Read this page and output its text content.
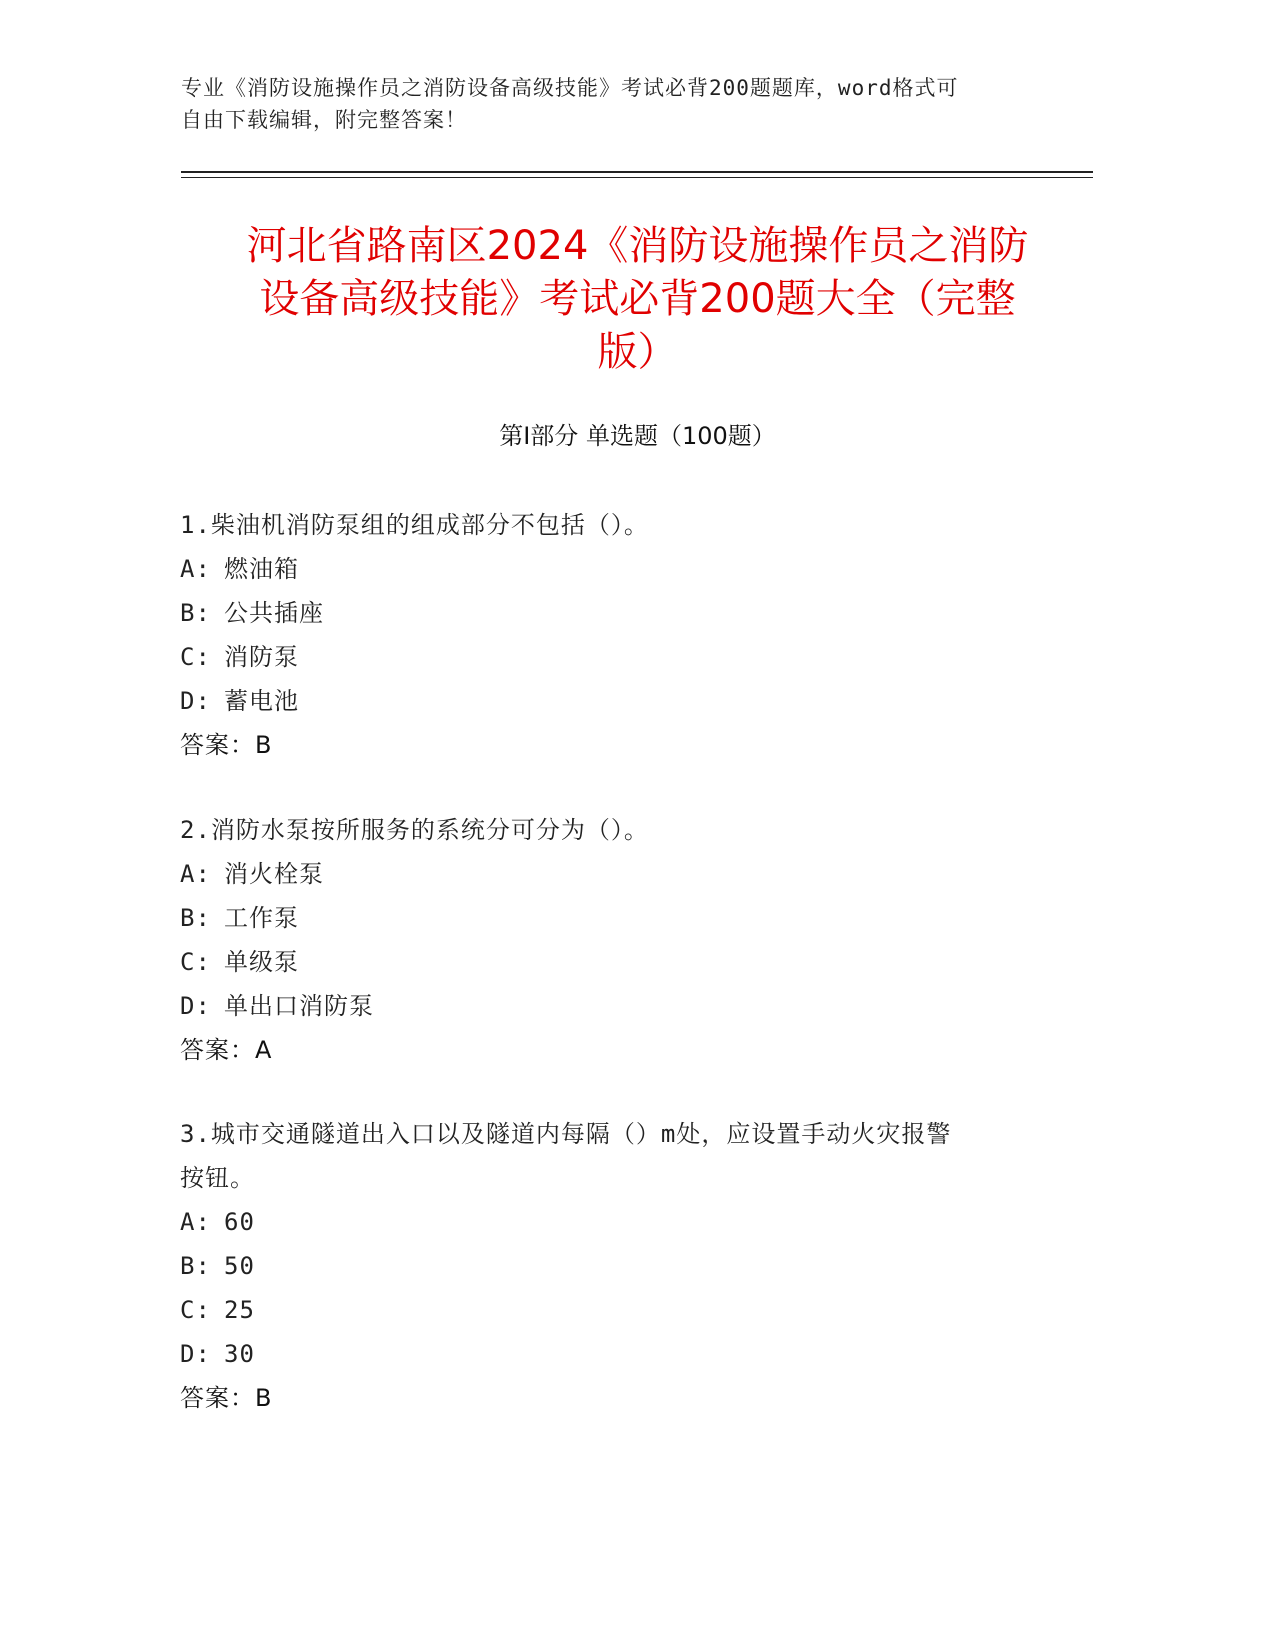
专业《消防设施操作员之消防设备高级技能》考试必背200题题库，word格式可
自由下载编辑，附完整答案！
河北省路南区2024《消防设施操作员之消防
设备高级技能》考试必背200题大全（完整
版）
第Ⅰ部分 单选题（100题）
1.柴油机消防泵组的组成部分不包括（）。
A: 燃油箱
B: 公共插座
C: 消防泵
D: 蓄电池
答案：B
2.消防水泵按所服务的系统分可分为（）。
A: 消火栓泵
B: 工作泵
C: 单级泵
D: 单出口消防泵
答案：A
3.城市交通隧道出入口以及隧道内每隔（）m处，应设置手动火灾报警
按钮。
A: 60
B: 50
C: 25
D: 30
答案：B
